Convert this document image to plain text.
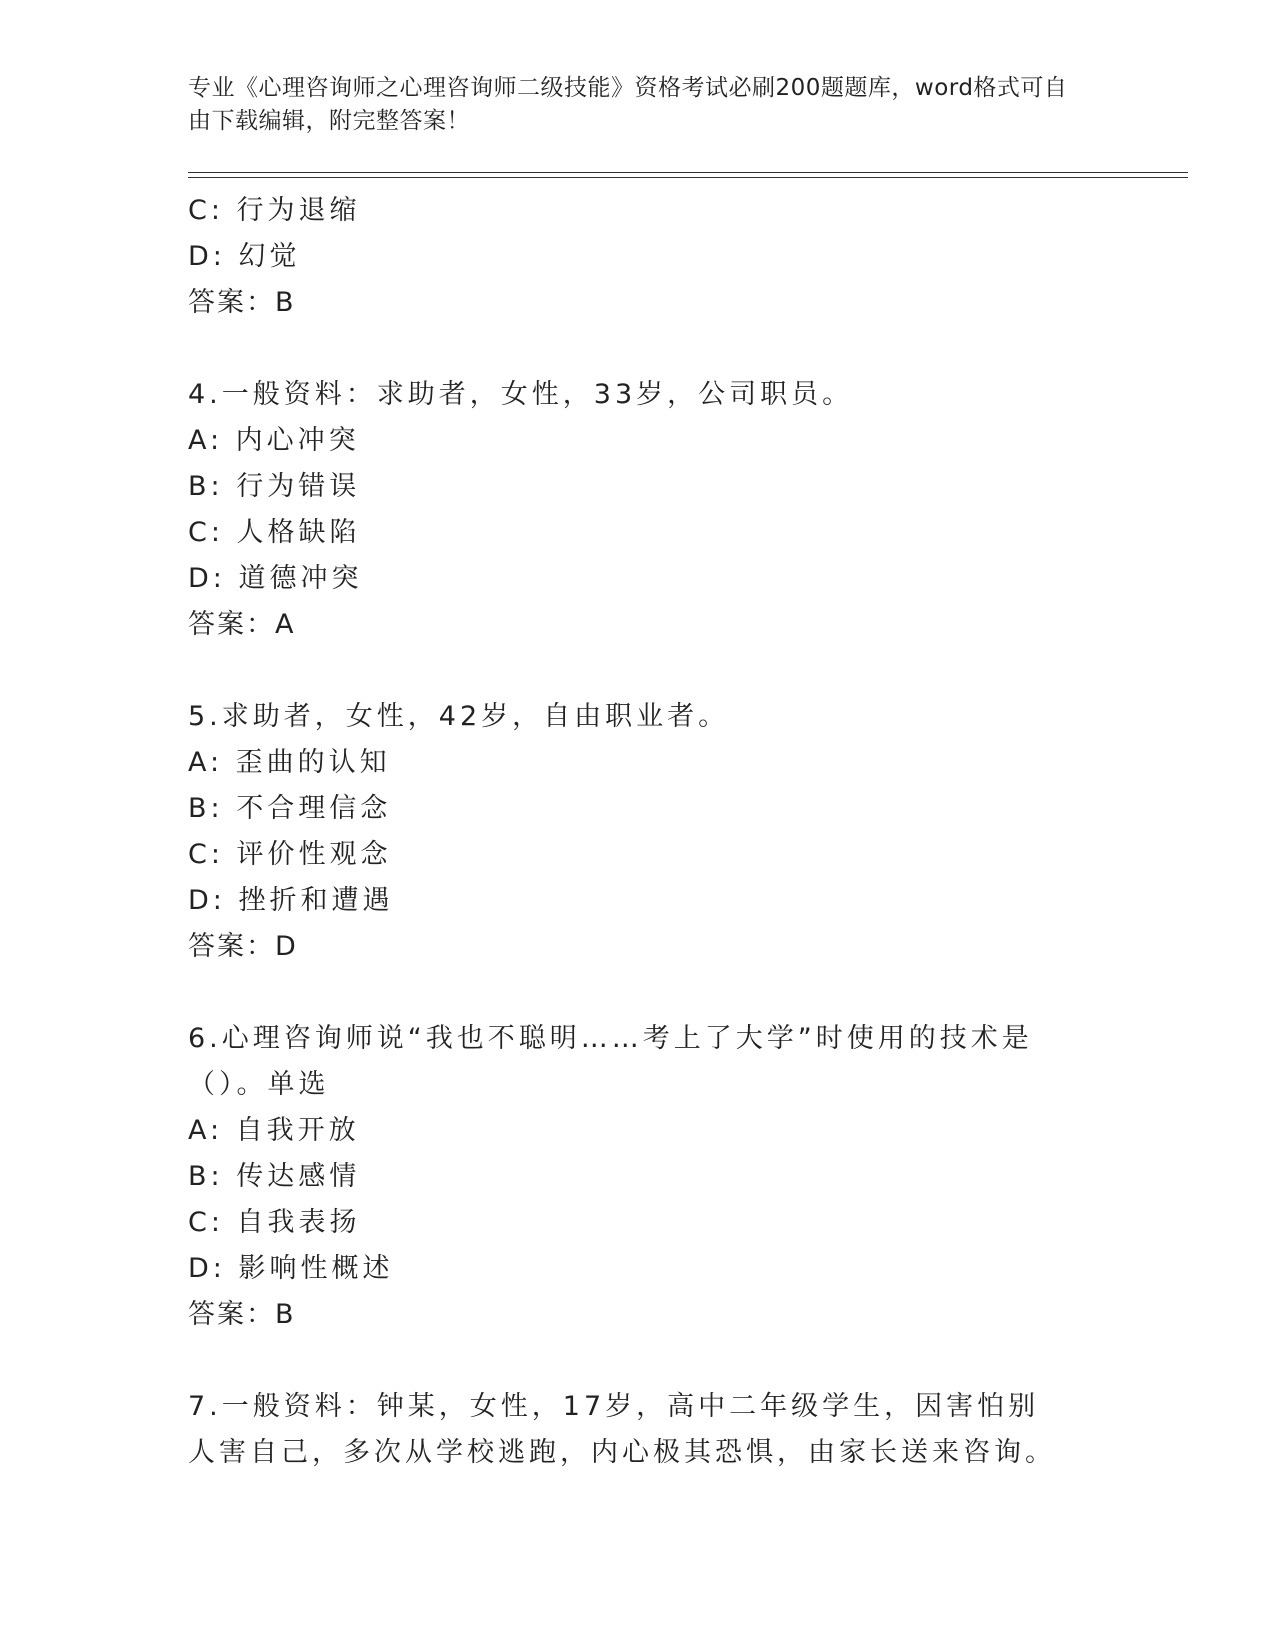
专业《心理咨询师之心理咨询师二级技能》资格考试必刷200题题库，word格式可自由下载编辑，附完整答案！
C: 行为退缩
D: 幻觉
答案：B
4.一般资料：求助者，女性，33岁，公司职员。
A: 内心冲突
B: 行为错误
C: 人格缺陷
D: 道德冲突
答案：A
5.求助者，女性，42岁，自由职业者。
A: 歪曲的认知
B: 不合理信念
C: 评价性观念
D: 挫折和遭遇
答案：D
6.心理咨询师说“我也不聪明……考上了大学”时使用的技术是（）。单选
A: 自我开放
B: 传达感情
C: 自我表扬
D: 影响性概述
答案：B
7.一般资料：钟某，女性，17岁，高中二年级学生，因害怕别人害自己，多次从学校逃跑，内心极其恐惧，由家长送来咨询。
